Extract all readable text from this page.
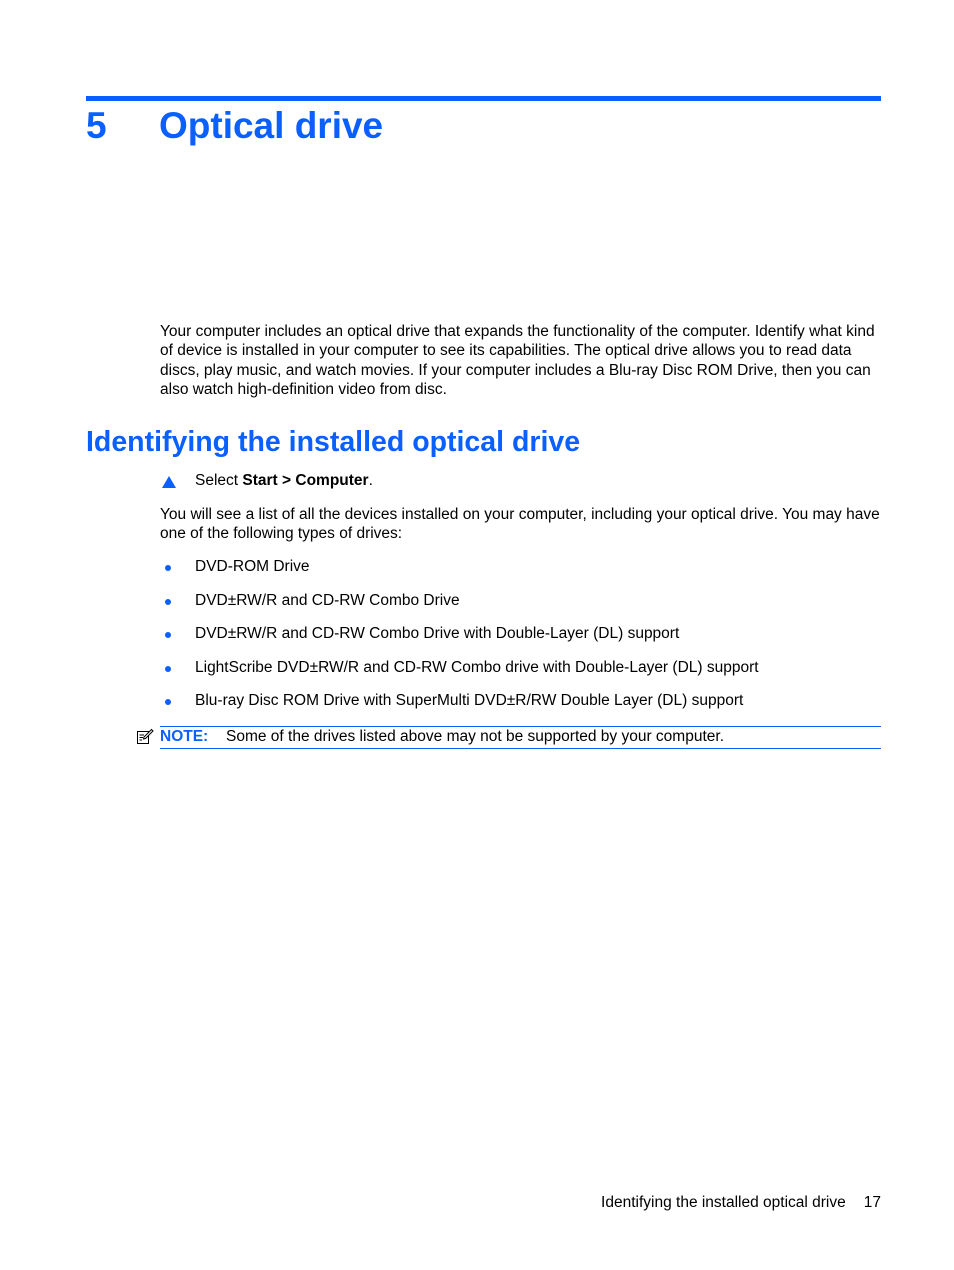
5 Optical drive

Your computer includes an optical drive that expands the functionality of the computer. Identify what kind of device is installed in your computer to see its capabilities. The optical drive allows you to read data discs, play music, and watch movies. If your computer includes a Blu-ray Disc ROM Drive, then you can also watch high-definition video from disc.

Identifying the installed optical drive
Select Start > Computer.

You will see a list of all the devices installed on your computer, including your optical drive. You may have one of the following types of drives:

DVD-ROM Drive
DVD±RW/R and CD-RW Combo Drive
DVD±RW/R and CD-RW Combo Drive with Double-Layer (DL) support
LightScribe DVD±RW/R and CD-RW Combo drive with Double-Layer (DL) support
Blu-ray Disc ROM Drive with SuperMulti DVD±R/RW Double Layer (DL) support
NOTE: Some of the drives listed above may not be supported by your computer.
Identifying the installed optical drive 17
